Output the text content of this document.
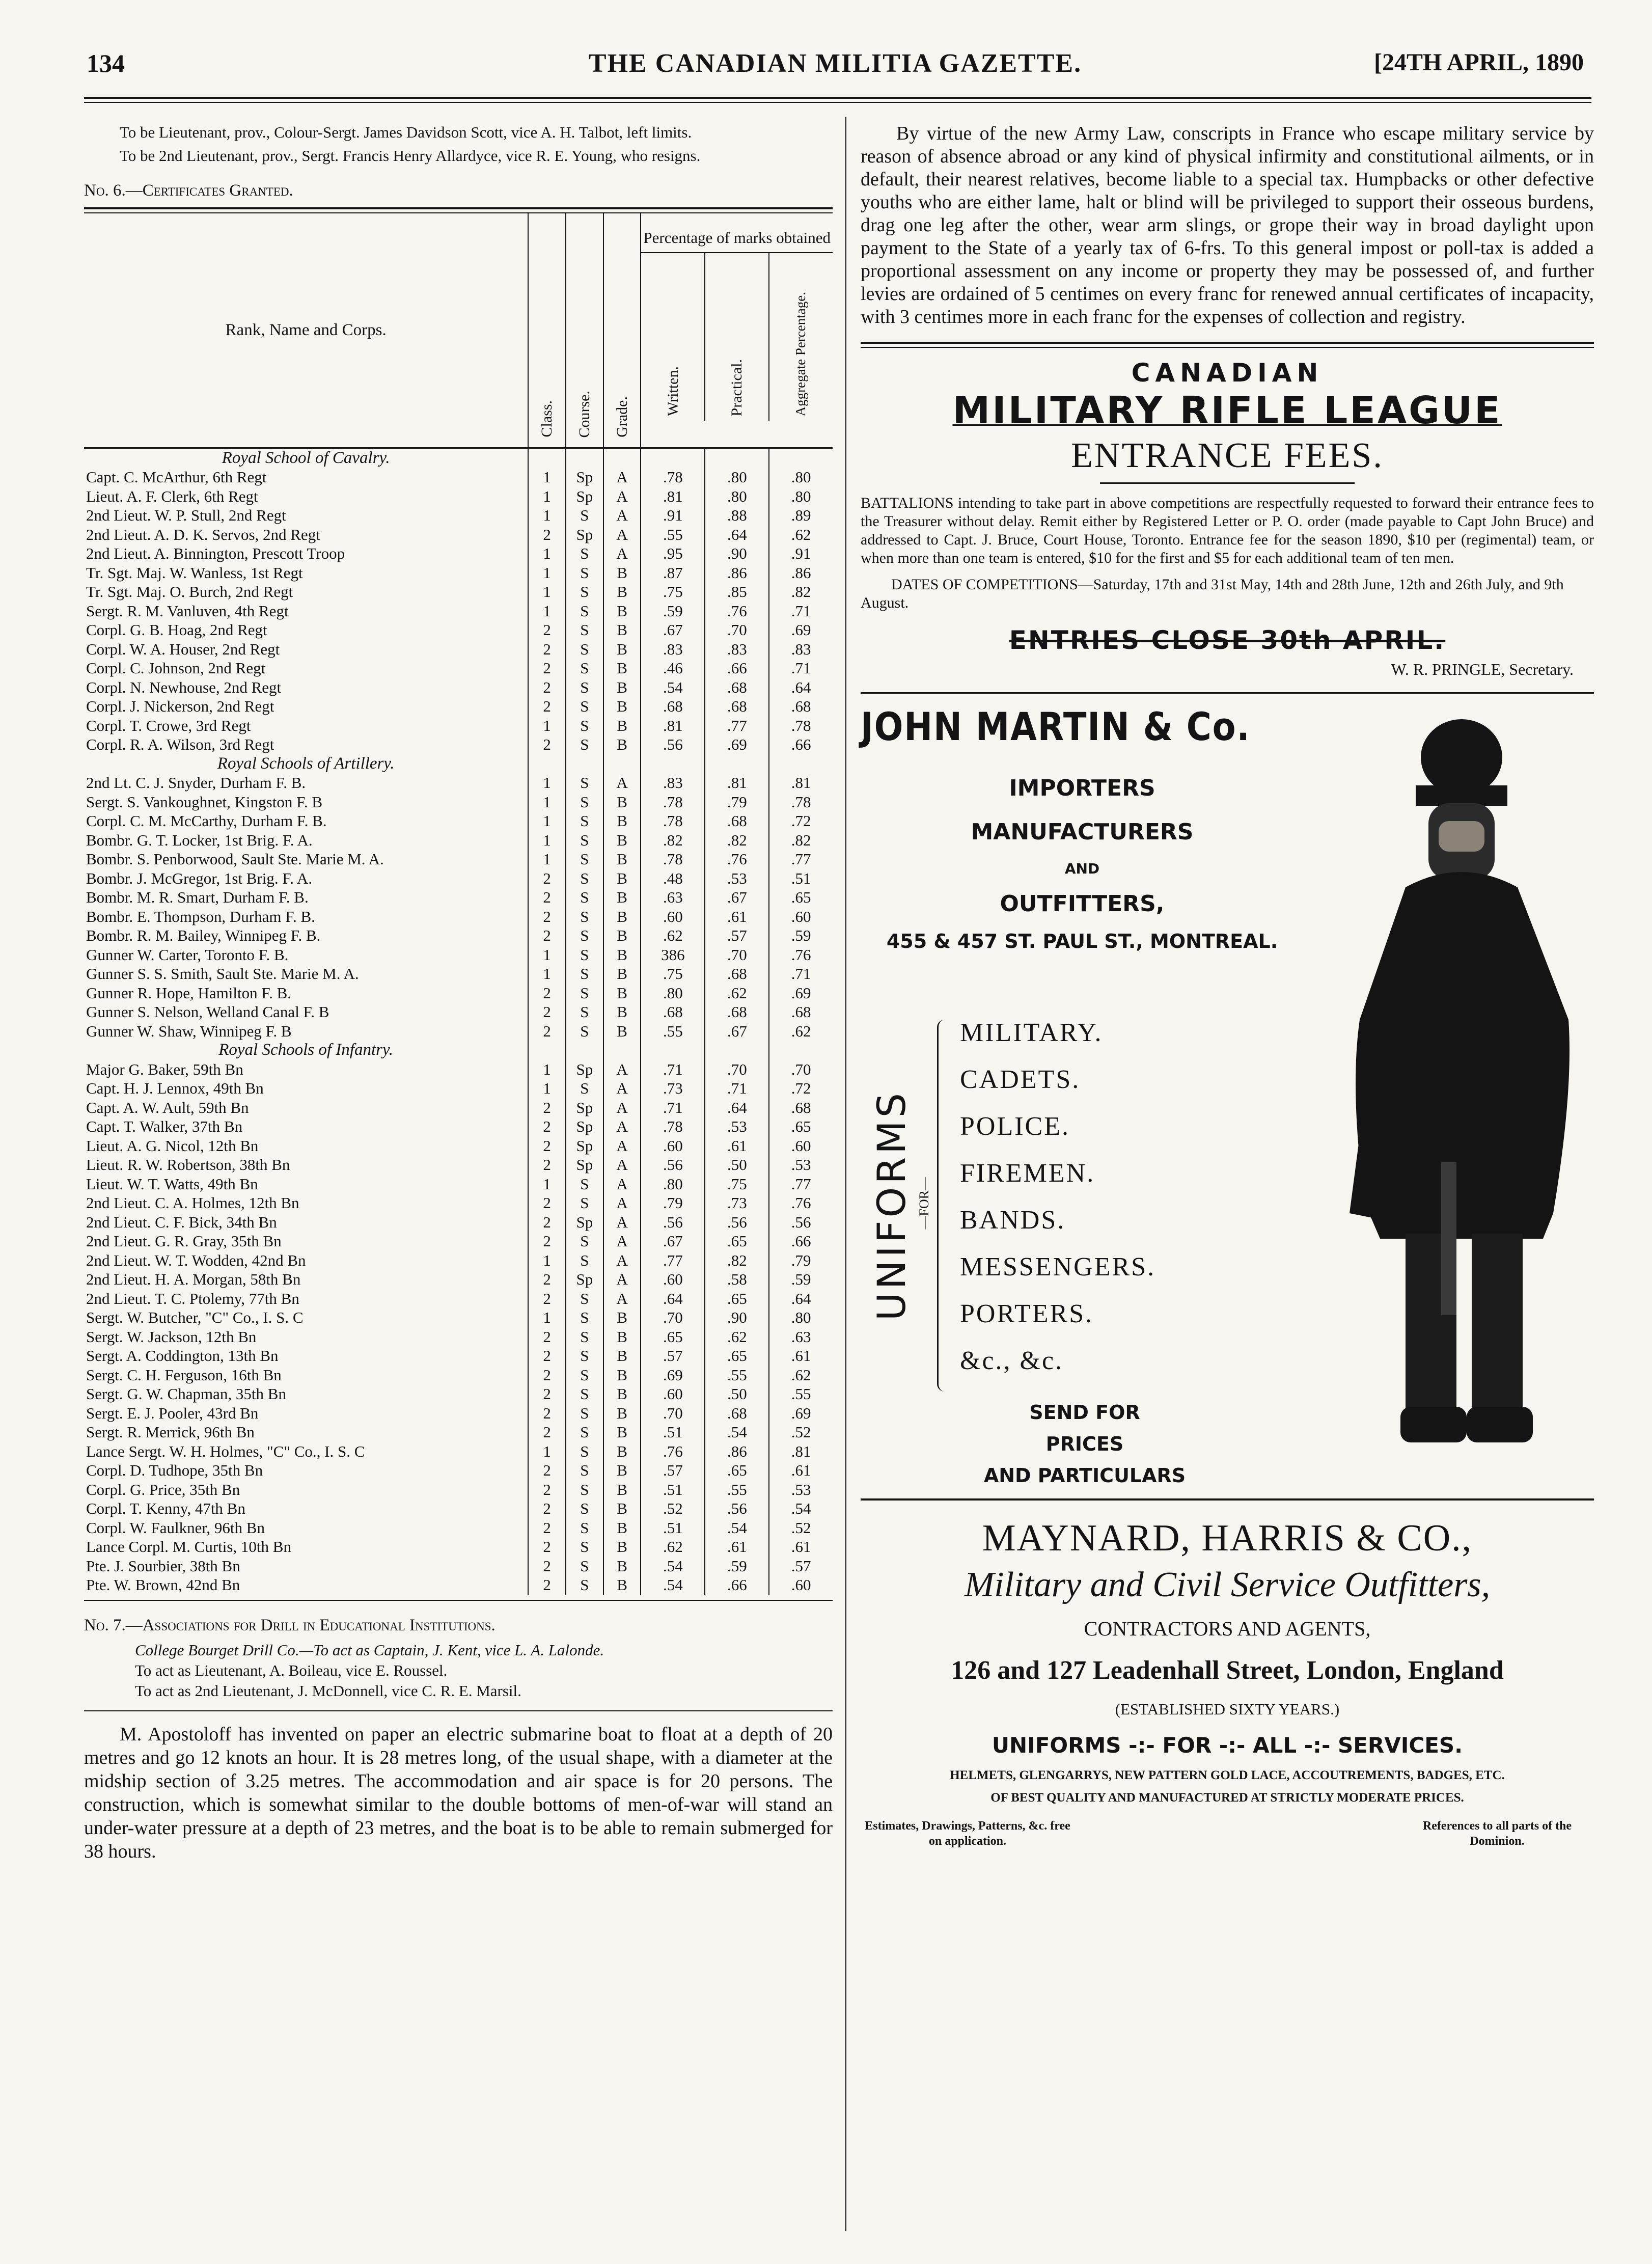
134	THE CANADIAN MILITIA GAZETTE.	[24TH APRIL, 1890
To be Lieutenant, prov., Colour-Sergt. James Davidson Scott, vice A. H. Talbot, left limits.
To be 2nd Lieutenant, prov., Sergt. Francis Henry Allardyce, vice R. E. Young, who resigns.
No. 6.—Certificates Granted.
Rank, Name and Corps.	Class.	Course.	Grade.	Percentage of marks obtained
Written. Practical. Aggregate Percentage.		

Royal School of Cavalry.						
Capt. C. McArthur, 6th Regt	1	Sp	A	.78	.80	.80
Lieut. A. F. Clerk, 6th Regt	1	Sp	A	.81	.80	.80
2nd Lieut. W. P. Stull, 2nd Regt	1	S	A	.91	.88	.89
2nd Lieut. A. D. K. Servos, 2nd Regt	2	Sp	A	.55	.64	.62
2nd Lieut. A. Binnington, Prescott Troop	1	S	A	.95	.90	.91
Tr. Sgt. Maj. W. Wanless, 1st Regt	1	S	B	.87	.86	.86
Tr. Sgt. Maj. O. Burch, 2nd Regt	1	S	B	.75	.85	.82
Sergt. R. M. Vanluven, 4th Regt	1	S	B	.59	.76	.71
Corpl. G. B. Hoag, 2nd Regt	2	S	B	.67	.70	.69
Corpl. W. A. Houser, 2nd Regt	2	S	B	.83	.83	.83
Corpl. C. Johnson, 2nd Regt	2	S	B	.46	.66	.71
Corpl. N. Newhouse, 2nd Regt	2	S	B	.54	.68	.64
Corpl. J. Nickerson, 2nd Regt	2	S	B	.68	.68	.68
Corpl. T. Crowe, 3rd Regt	1	S	B	.81	.77	.78
Corpl. R. A. Wilson, 3rd Regt	2	S	B	.56	.69	.66
Royal Schools of Artillery.						
2nd Lt. C. J. Snyder, Durham F. B.	1	S	A	.83	.81	.81
Sergt. S. Vankoughnet, Kingston F. B	1	S	B	.78	.79	.78
Corpl. C. M. McCarthy, Durham F. B.	1	S	B	.78	.68	.72
Bombr. G. T. Locker, 1st Brig. F. A.	1	S	B	.82	.82	.82
Bombr. S. Penborwood, Sault Ste. Marie M. A.	1	S	B	.78	.76	.77
Bombr. J. McGregor, 1st Brig. F. A.	2	S	B	.48	.53	.51
Bombr. M. R. Smart, Durham F. B.	2	S	B	.63	.67	.65
Bombr. E. Thompson, Durham F. B.	2	S	B	.60	.61	.60
Bombr. R. M. Bailey, Winnipeg F. B.	2	S	B	.62	.57	.59
Gunner W. Carter, Toronto F. B.	1	S	B	386	.70	.76
Gunner S. S. Smith, Sault Ste. Marie M. A.	1	S	B	.75	.68	.71
Gunner R. Hope, Hamilton F. B.	2	S	B	.80	.62	.69
Gunner S. Nelson, Welland Canal F. B	2	S	B	.68	.68	.68
Gunner W. Shaw, Winnipeg F. B	2	S	B	.55	.67	.62
Royal Schools of Infantry.						
Major G. Baker, 59th Bn	1	Sp	A	.71	.70	.70
Capt. H. J. Lennox, 49th Bn	1	S	A	.73	.71	.72
Capt. A. W. Ault, 59th Bn	2	Sp	A	.71	.64	.68
Capt. T. Walker, 37th Bn	2	Sp	A	.78	.53	.65
Lieut. A. G. Nicol, 12th Bn	2	Sp	A	.60	.61	.60
Lieut. R. W. Robertson, 38th Bn	2	Sp	A	.56	.50	.53
Lieut. W. T. Watts, 49th Bn	1	S	A	.80	.75	.77
2nd Lieut. C. A. Holmes, 12th Bn	2	S	A	.79	.73	.76
2nd Lieut. C. F. Bick, 34th Bn	2	Sp	A	.56	.56	.56
2nd Lieut. G. R. Gray, 35th Bn	2	S	A	.67	.65	.66
2nd Lieut. W. T. Wodden, 42nd Bn	1	S	A	.77	.82	.79
2nd Lieut. H. A. Morgan, 58th Bn	2	Sp	A	.60	.58	.59
2nd Lieut. T. C. Ptolemy, 77th Bn	2	S	A	.64	.65	.64
Sergt. W. Butcher, "C" Co., I. S. C	1	S	B	.70	.90	.80
Sergt. W. Jackson, 12th Bn	2	S	B	.65	.62	.63
Sergt. A. Coddington, 13th Bn	2	S	B	.57	.65	.61
Sergt. C. H. Ferguson, 16th Bn	2	S	B	.69	.55	.62
Sergt. G. W. Chapman, 35th Bn	2	S	B	.60	.50	.55
Sergt. E. J. Pooler, 43rd Bn	2	S	B	.70	.68	.69
Sergt. R. Merrick, 96th Bn	2	S	B	.51	.54	.52
Lance Sergt. W. H. Holmes, "C" Co., I. S. C	1	S	B	.76	.86	.81
Corpl. D. Tudhope, 35th Bn	2	S	B	.57	.65	.61
Corpl. G. Price, 35th Bn	2	S	B	.51	.55	.53
Corpl. T. Kenny, 47th Bn	2	S	B	.52	.56	.54
Corpl. W. Faulkner, 96th Bn	2	S	B	.51	.54	.52
Lance Corpl. M. Curtis, 10th Bn	2	S	B	.62	.61	.61
Pte. J. Sourbier, 38th Bn	2	S	B	.54	.59	.57
Pte. W. Brown, 42nd Bn	2	S	B	.54	.66	.60
No. 7.—Associations for Drill in Educational Institutions.
College Bourget Drill Co.—To act as Captain, J. Kent, vice L. A. Lalonde.
To act as Lieutenant, A. Boileau, vice E. Roussel.
To act as 2nd Lieutenant, J. McDonnell, vice C. R. E. Marsil.
M. Apostoloff has invented on paper an electric submarine boat to float at a depth of 20 metres and go 12 knots an hour. It is 28 metres long, of the usual shape, with a diameter at the midship section of 3.25 metres. The accommodation and air space is for 20 persons. The construction, which is somewhat similar to the double bottoms of men-of-war will stand an under-water pressure at a depth of 23 metres, and the boat is to be able to remain submerged for 38 hours.
By virtue of the new Army Law, conscripts in France who escape military service by reason of absence abroad or any kind of physical infirmity and constitutional ailments, or in default, their nearest relatives, become liable to a special tax. Humpbacks or other defective youths who are either lame, halt or blind will be privileged to support their osseous burdens, drag one leg after the other, wear arm slings, or grope their way in broad daylight upon payment to the State of a yearly tax of 6-frs. To this general impost or poll-tax is added a proportional assessment on any income or property they may be possessed of, and further levies are ordained of 5 centimes on every franc for renewed annual certificates of incapacity, with 3 centimes more in each franc for the expenses of collection and registry.
CANADIAN
MILITARY RIFLE LEAGUE
ENTRANCE FEES.
BATTALIONS intending to take part in above competitions are respectfully requested to forward their entrance fees to the Treasurer without delay. Remit either by Registered Letter or P. O. order (made payable to Capt John Bruce) and addressed to Capt. J. Bruce, Court House, Toronto. Entrance fee for the season 1890, $10 per (regimental) team, or when more than one team is entered, $10 for the first and $5 for each additional team of ten men.
DATES OF COMPETITIONS—Saturday, 17th and 31st May, 14th and 28th June, 12th and 26th July, and 9th August.
ENTRIES CLOSE 30th APRIL.
W. R. PRINGLE, Secretary.
JOHN MARTIN & Co.
IMPORTERS
MANUFACTURERS
AND
OUTFITTERS,
455 & 457 ST. PAUL ST., MONTREAL.
UNIFORMS —FOR—
MILITARY.
CADETS.
POLICE.
FIREMEN.
BANDS.
MESSENGERS.
PORTERS.
&c., &c.
SEND FOR
PRICES
AND PARTICULARS
MAYNARD, HARRIS & CO.,
Military and Civil Service Outfitters,
CONTRACTORS AND AGENTS,
126 and 127 Leadenhall Street, London, England
(ESTABLISHED SIXTY YEARS.)
UNIFORMS -:- FOR -:- ALL -:- SERVICES.
HELMETS, GLENGARRYS, NEW PATTERN GOLD LACE, ACCOUTREMENTS, BADGES, ETC.
OF BEST QUALITY AND MANUFACTURED AT STRICTLY MODERATE PRICES.
Estimates, Drawings, Patterns, &c. free on application.
References to all parts of the Dominion.
